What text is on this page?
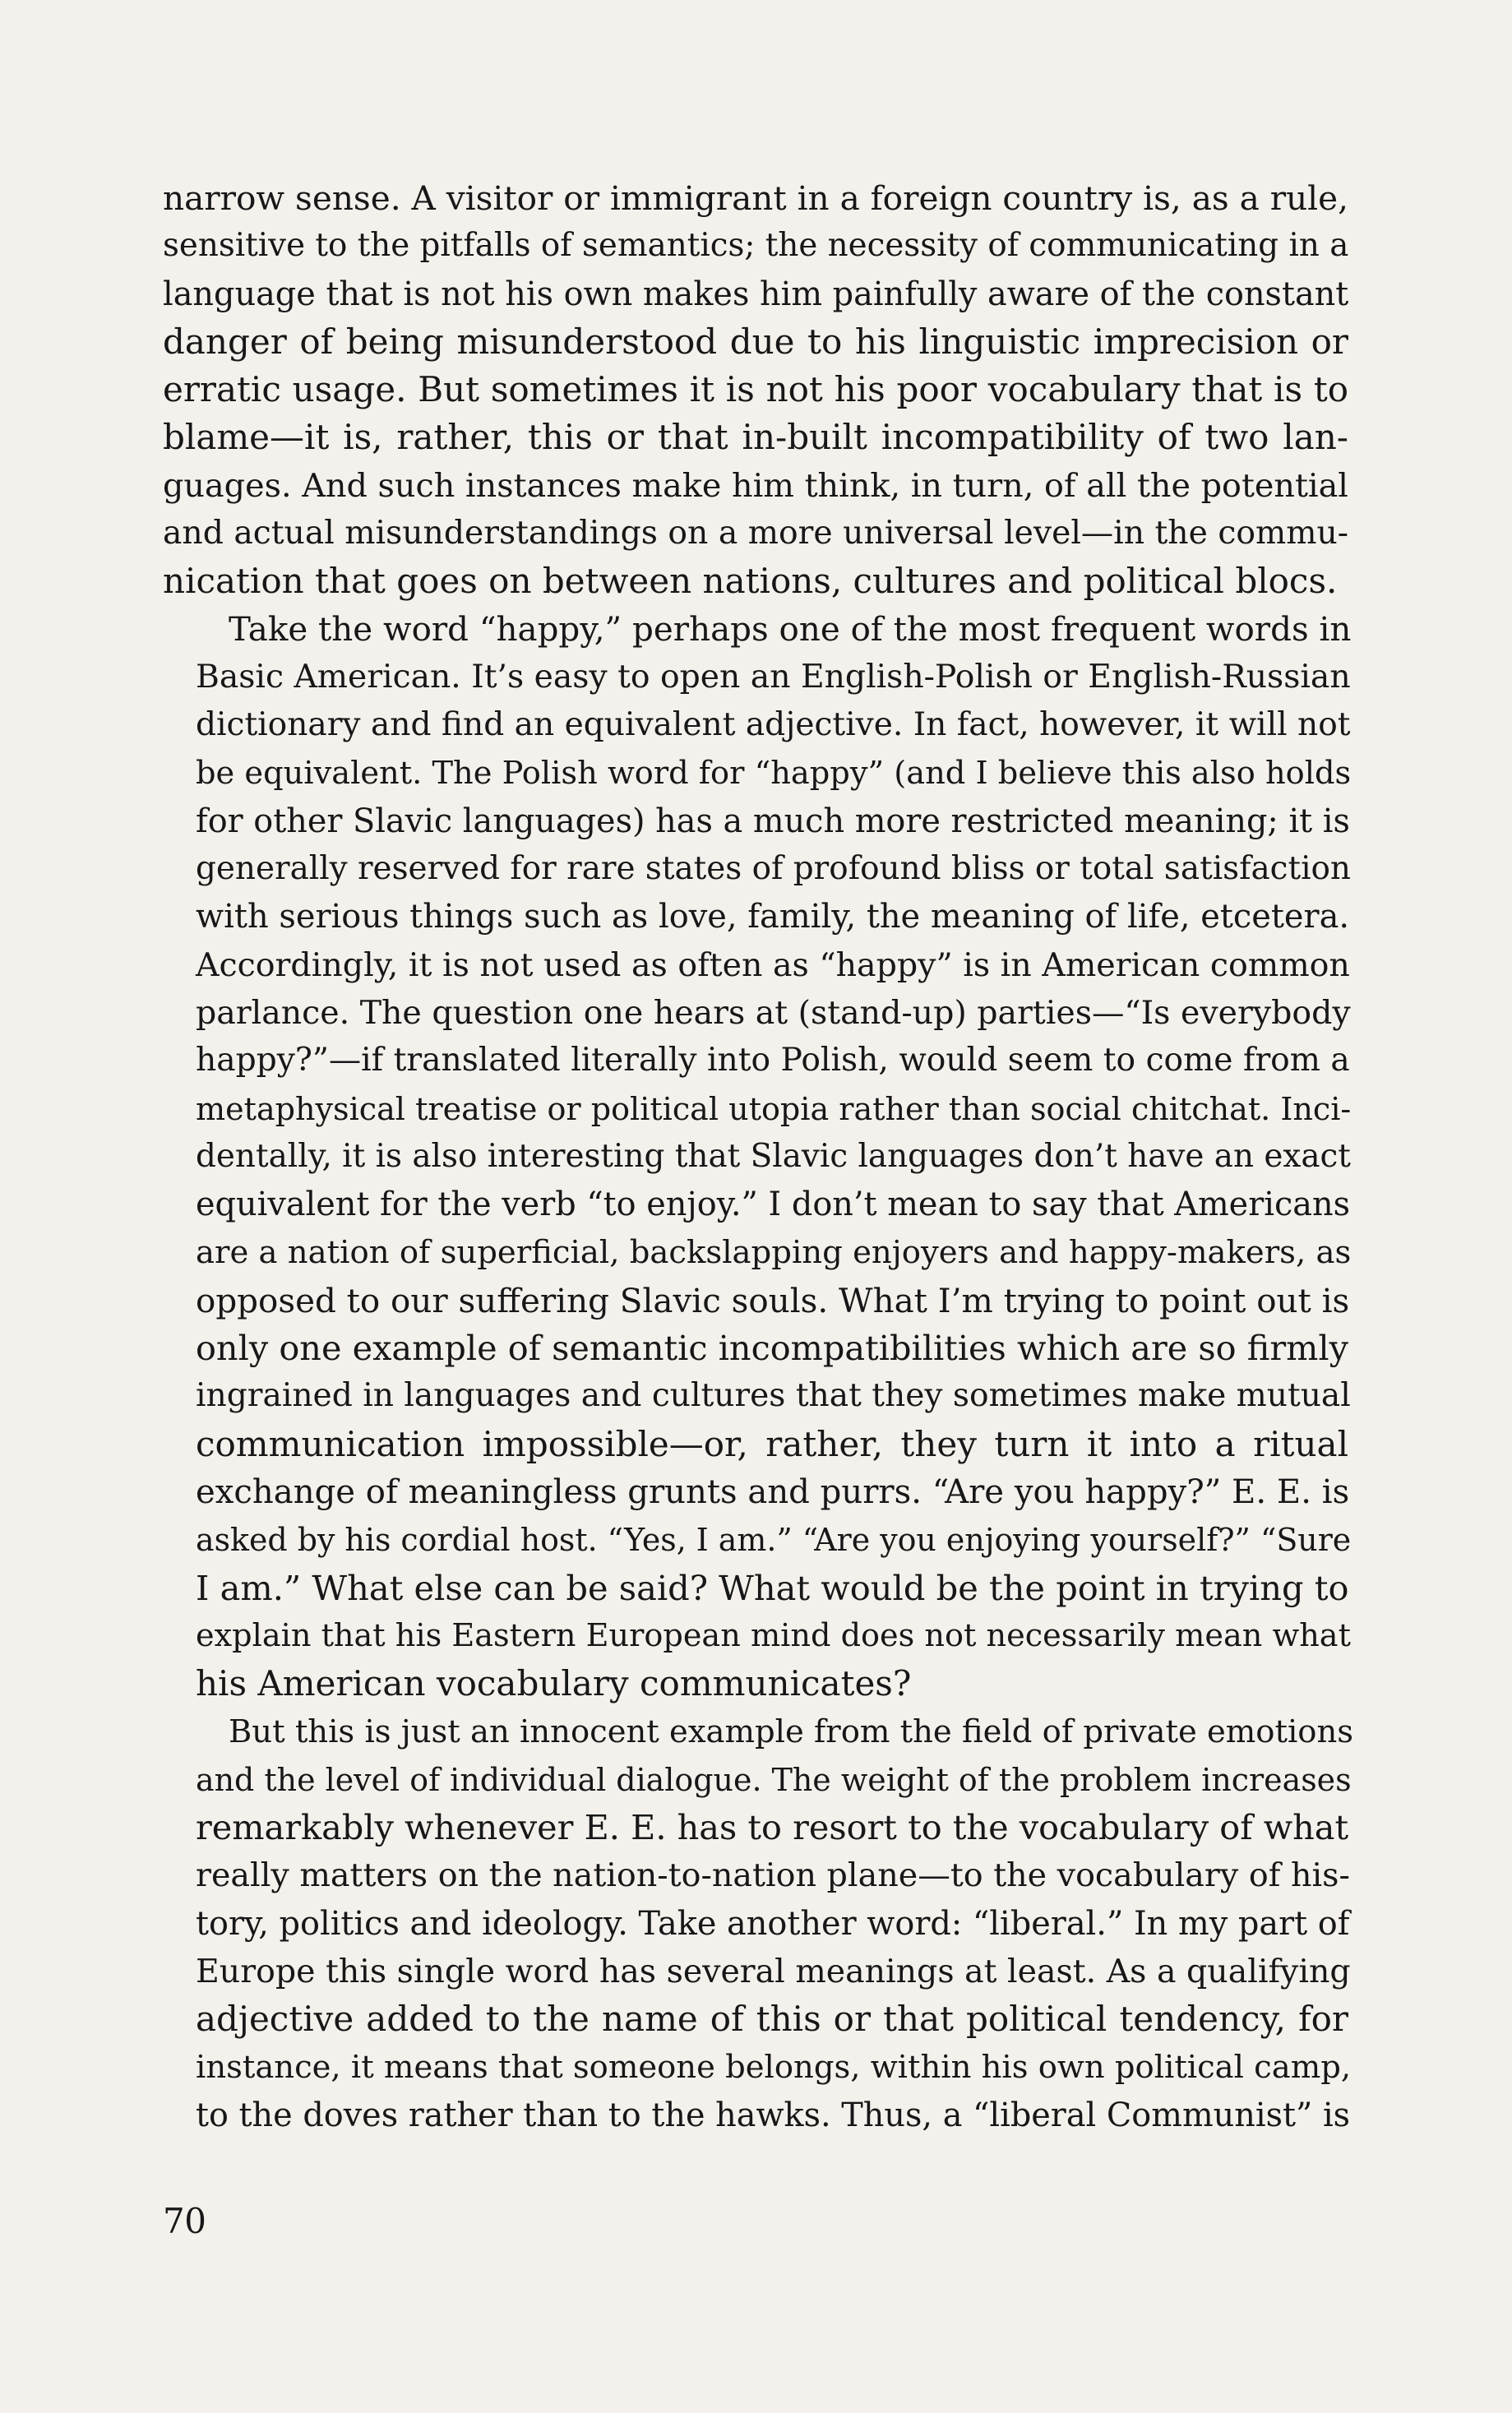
narrow sense. A visitor or immigrant in a foreign country is, as a rule,
sensitive to the pitfalls of semantics; the necessity of communicating in a
language that is not his own makes him painfully aware of the constant
danger of being misunderstood due to his linguistic imprecision or
erratic usage. But sometimes it is not his poor vocabulary that is to
blame—it is, rather, this or that in-built incompatibility of two lan-
guages. And such instances make him think, in turn, of all the potential
and actual misunderstandings on a more universal level—in the commu-
nication that goes on between nations, cultures and political blocs.
Take the word “happy,” perhaps one of the most frequent words in
Basic American. It’s easy to open an English-Polish or English-Russian
dictionary and find an equivalent adjective. In fact, however, it will not
be equivalent. The Polish word for “happy” (and I believe this also holds
for other Slavic languages) has a much more restricted meaning; it is
generally reserved for rare states of profound bliss or total satisfaction
with serious things such as love, family, the meaning of life, etcetera.
Accordingly, it is not used as often as “happy” is in American common
parlance. The question one hears at (stand-up) parties—“Is everybody
happy?”—if translated literally into Polish, would seem to come from a
metaphysical treatise or political utopia rather than social chitchat. Inci-
dentally, it is also interesting that Slavic languages don’t have an exact
equivalent for the verb “to enjoy.” I don’t mean to say that Americans
are a nation of superficial, backslapping enjoyers and happy-makers, as
opposed to our suffering Slavic souls. What I’m trying to point out is
only one example of semantic incompatibilities which are so firmly
ingrained in languages and cultures that they sometimes make mutual
communication impossible—or, rather, they turn it into a ritual
exchange of meaningless grunts and purrs. “Are you happy?” E. E. is
asked by his cordial host. “Yes, I am.” “Are you enjoying yourself?” “Sure
I am.” What else can be said? What would be the point in trying to
explain that his Eastern European mind does not necessarily mean what
his American vocabulary communicates?
But this is just an innocent example from the field of private emotions
and the level of individual dialogue. The weight of the problem increases
remarkably whenever E. E. has to resort to the vocabulary of what
really matters on the nation-to-nation plane—to the vocabulary of his-
tory, politics and ideology. Take another word: “liberal.” In my part of
Europe this single word has several meanings at least. As a qualifying
adjective added to the name of this or that political tendency, for
instance, it means that someone belongs, within his own political camp,
to the doves rather than to the hawks. Thus, a “liberal Communist” is
70
